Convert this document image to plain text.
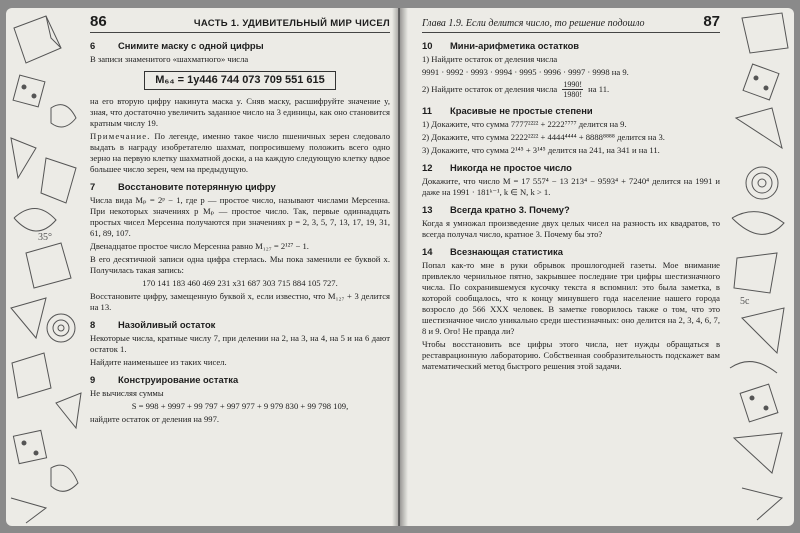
35°
86	ЧАСТЬ 1. УДИВИТЕЛЬНЫЙ МИР ЧИСЕЛ
6	Снимите маску с одной цифры

В записи знаменитого «шахматного» числа

M₆₄ = 1y446 744 073 709 551 615

на его вторую цифру накинута маска y. Сняв маску, расшифруйте значение y, зная, что достаточно увеличить заданное число на 3 единицы, как оно становится кратным числу 19.

Примечание. По легенде, именно такое число пшеничных зерен следовало выдать в награду изобретателю шахмат, попросившему положить всего одно зерно на первую клетку шахматной доски, а на каждую следующую клетку вдвое большее число зерен, чем на предыдущую.

7	Восстановите потерянную цифру

Числа вида Mₚ = 2ᵖ − 1, где p — простое число, называют числами Мерсенна. При некоторых значениях p Mₚ — простое число. Так, первые одиннадцать простых чисел Мерсенна получаются при значениях p = 2, 3, 5, 7, 13, 17, 19, 31, 61, 89, 107.

Двенадцатое простое число Мерсенна равно M₁₂₇ = 2¹²⁷ − 1.

В его десятичной записи одна цифра стерлась. Мы пока заменили ее буквой x. Получилась такая запись:

170 141 183 460 469 231 x31 687 303 715 884 105 727.

Восстановите цифру, замещенную буквой x, если известно, что M₁₂₇ + 3 делится на 13.

8	Назойливый остаток

Некоторые числа, кратные числу 7, при делении на 2, на 3, на 4, на 5 и на 6 дают остаток 1.

Найдите наименьшее из таких чисел.

9	Конструирование остатка

Не вычисляя суммы

S = 998 + 9997 + 99 797 + 997 977 + 9 979 830 + 99 798 109,

найдите остаток от деления на 997.

5c
Глава 1.9. Если делится число, то решение подошло	87
10	Мини-арифметика остатков

1) Найдите остаток от деления числа

9991 · 9992 · 9993 · 9994 · 9995 · 9996 · 9997 · 9998 на 9.

2) Найдите остаток от деления числа $\frac{1990!}{1980!}$ на 11.

11	Красивые не простые степени

1) Докажите, что сумма 7777²²²² + 2222⁷⁷⁷⁷ делится на 9.

2) Докажите, что сумма 2222²²²² + 4444⁴⁴⁴⁴ + 8888⁸⁸⁸⁸ делится на 3.

3) Докажите, что сумма 2¹⁴⁵ + 3¹⁴⁵ делится на 241, на 341 и на 11.

12	Никогда не простое число

Докажите, что число M = 17 557⁴ − 13 213⁴ − 9593⁴ + 7240⁴ делится на 1991 и даже на 1991 · 181ᵏ⁻¹, k ∈ N, k > 1.

13	Всегда кратно 3. Почему?

Когда я умножал произведение двух целых чисел на разность их квадратов, то всегда получал число, кратное 3. Почему бы это?

14	Всезнающая статистика

Попал как-то мне в руки обрывок прошлогодней газеты. Мое внимание привлекло чернильное пятно, закрывшее последние три цифры шестизначного числа. По сохранившемуся кусочку текста я вспомнил: это была заметка, в которой сообщалось, что к концу минувшего года население нашего города возросло до 566 XXX человек. В заметке говорилось также о том, что это шестизначное число уникально среди шестизначных: оно делится на 2, 3, 4, 6, 7, 8 и 9. Ого! Не правда ли?

Чтобы восстановить все цифры этого числа, нет нужды обращаться в реставрационную лабораторию. Собственная сообразительность подскажет вам математический метод быстрого решения этой задачи.
